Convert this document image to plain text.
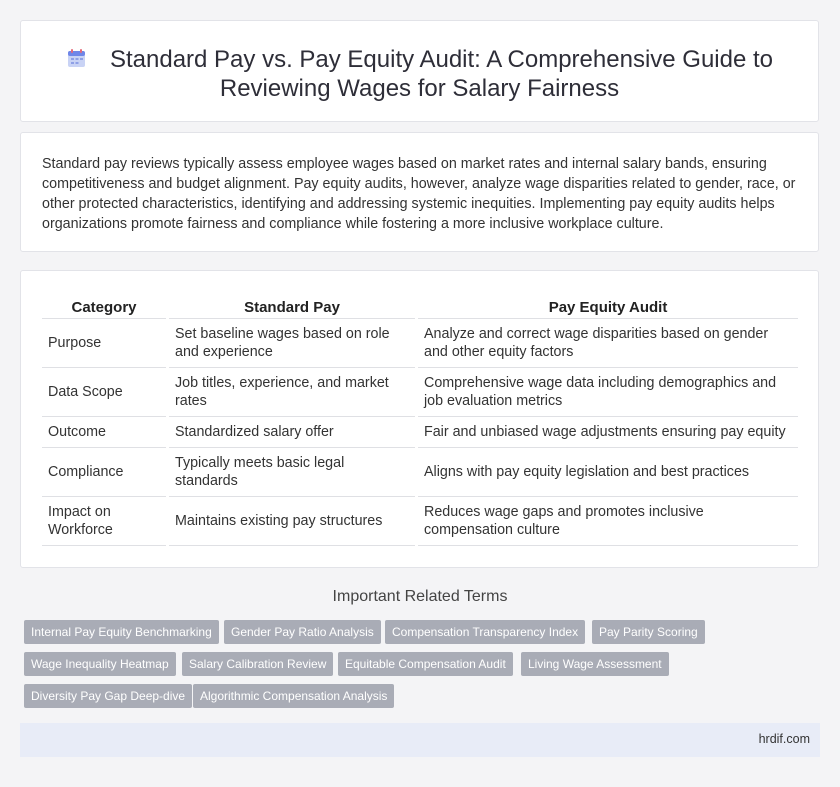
Standard Pay vs. Pay Equity Audit: A Comprehensive Guide to Reviewing Wages for Salary Fairness

Standard pay reviews typically assess employee wages based on market rates and internal salary bands, ensuring competitiveness and budget alignment. Pay equity audits, however, analyze wage disparities related to gender, race, or other protected characteristics, identifying and addressing systemic inequities. Implementing pay equity audits helps organizations promote fairness and compliance while fostering a more inclusive workplace culture.

Category		Standard Pay		Pay Equity Audit
Purpose		Set baseline wages based on role and experience		Analyze and correct wage disparities based on gender and other equity factors
Data Scope		Job titles, experience, and market rates		Comprehensive wage data including demographics and job evaluation metrics
Outcome		Standardized salary offer		Fair and unbiased wage adjustments ensuring pay equity
Compliance		Typically meets basic legal standards		Aligns with pay equity legislation and best practices
Impact on Workforce		Maintains existing pay structures		Reduces wage gaps and promotes inclusive compensation culture
Important Related Terms
Internal Pay Equity Benchmarking	Gender Pay Ratio Analysis	Compensation Transparency Index	Pay Parity Scoring
Wage Inequality Heatmap	Salary Calibration Review	Equitable Compensation Audit	Living Wage Assessment
Diversity Pay Gap Deep-dive	Algorithmic Compensation Analysis
hrdif.com
